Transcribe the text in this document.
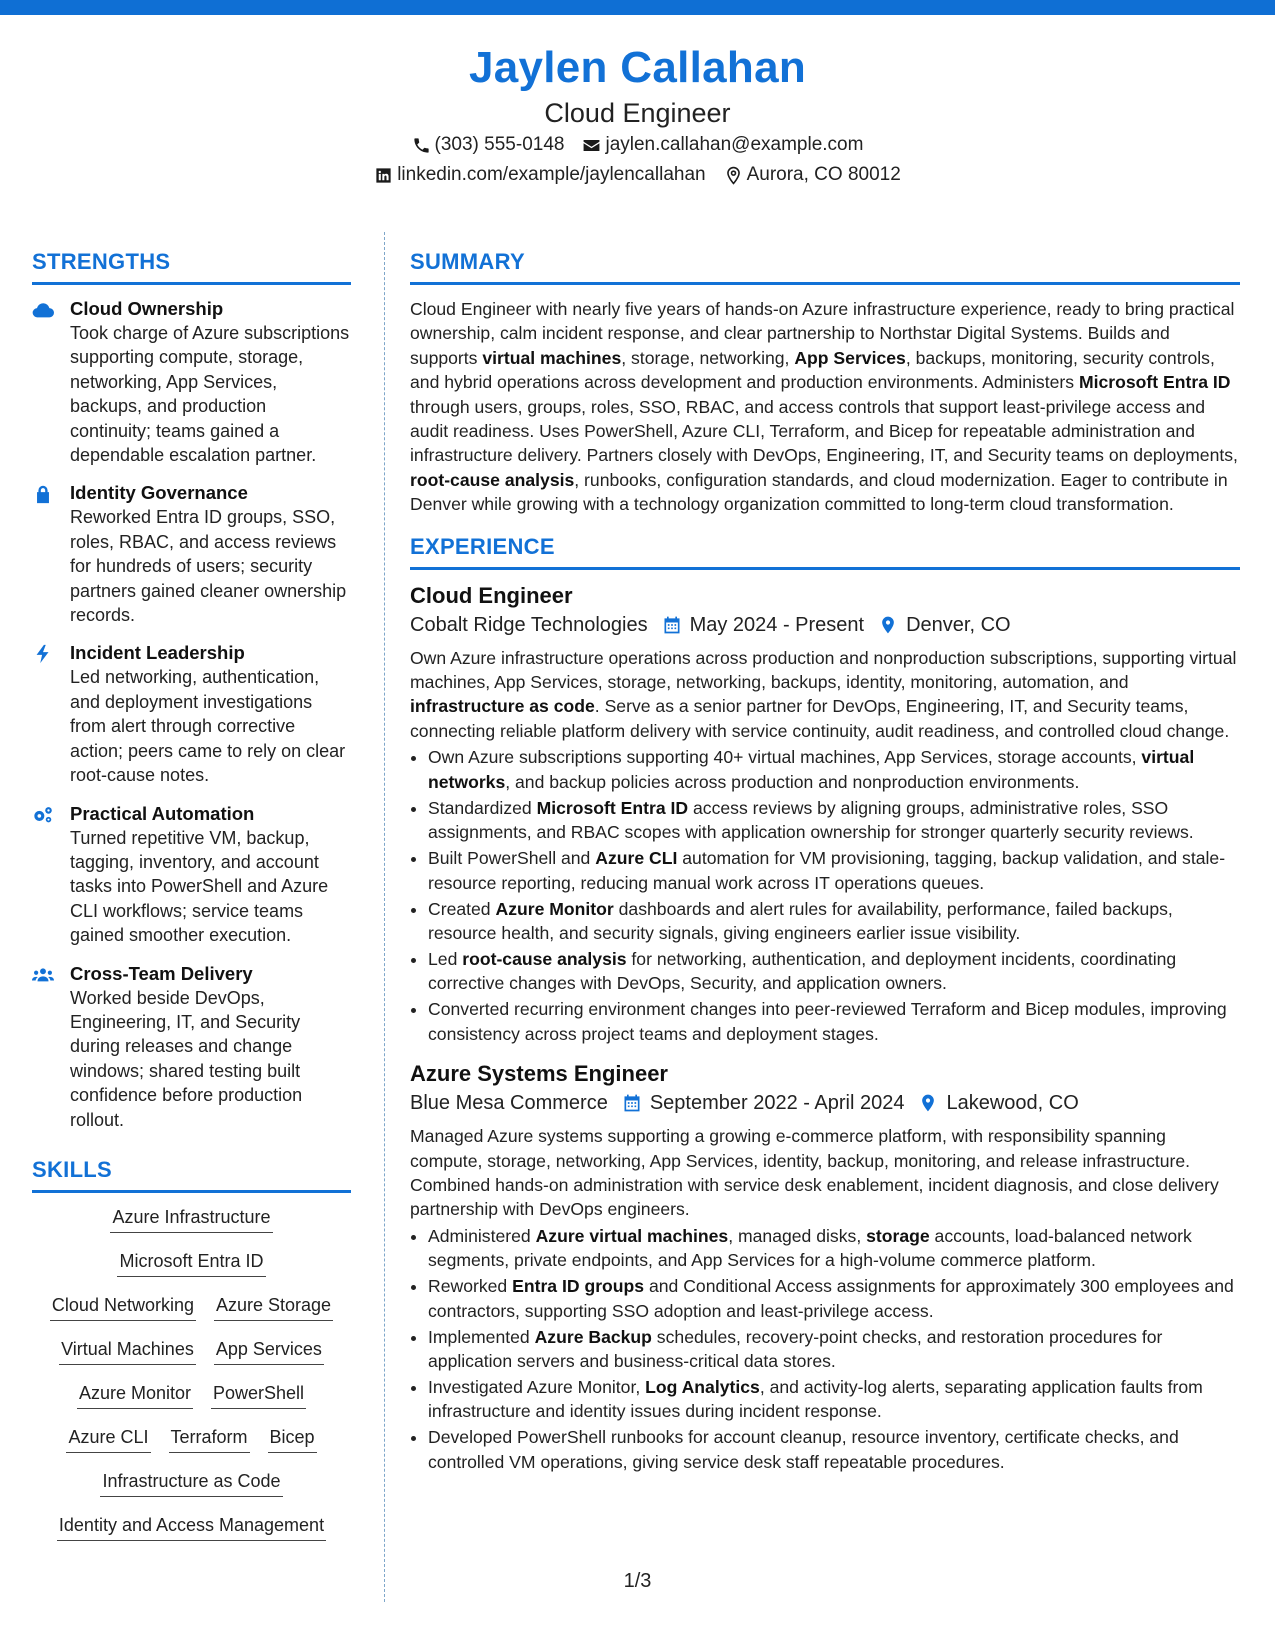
Jaylen Callahan
Cloud Engineer
(303) 555-0148 jaylen.callahan@example.com
linkedin.com/example/jaylencallahan Aurora, CO 80012
STRENGTHS
Cloud Ownership
Took charge of Azure subscriptions supporting compute, storage, networking, App Services, backups, and production continuity; teams gained a dependable escalation partner.
Identity Governance
Reworked Entra ID groups, SSO, roles, RBAC, and access reviews for hundreds of users; security partners gained cleaner ownership records.
Incident Leadership
Led networking, authentication, and deployment investigations from alert through corrective action; peers came to rely on clear root-cause notes.
Practical Automation
Turned repetitive VM, backup, tagging, inventory, and account tasks into PowerShell and Azure CLI workflows; service teams gained smoother execution.
Cross-Team Delivery
Worked beside DevOps, Engineering, IT, and Security during releases and change windows; shared testing built confidence before production rollout.
SKILLS
Azure Infrastructure
Microsoft Entra ID
Cloud Networking Azure Storage
Virtual Machines App Services
Azure Monitor PowerShell
Azure CLI Terraform Bicep
Infrastructure as Code
Identity and Access Management
SUMMARY
Cloud Engineer with nearly five years of hands-on Azure infrastructure experience, ready to bring practical ownership, calm incident response, and clear partnership to Northstar Digital Systems. Builds and supports virtual machines, storage, networking, App Services, backups, monitoring, security controls, and hybrid operations across development and production environments. Administers Microsoft Entra ID through users, groups, roles, SSO, RBAC, and access controls that support least-privilege access and audit readiness. Uses PowerShell, Azure CLI, Terraform, and Bicep for repeatable administration and infrastructure delivery. Partners closely with DevOps, Engineering, IT, and Security teams on deployments, root-cause analysis, runbooks, configuration standards, and cloud modernization. Eager to contribute in Denver while growing with a technology organization committed to long-term cloud transformation.
EXPERIENCE
Cloud Engineer
Cobalt Ridge Technologies May 2024 - Present Denver, CO
Own Azure infrastructure operations across production and nonproduction subscriptions, supporting virtual machines, App Services, storage, networking, backups, identity, monitoring, automation, and infrastructure as code. Serve as a senior partner for DevOps, Engineering, IT, and Security teams, connecting reliable platform delivery with service continuity, audit readiness, and controlled cloud change.
• Own Azure subscriptions supporting 40+ virtual machines, App Services, storage accounts, virtual networks, and backup policies across production and nonproduction environments.
• Standardized Microsoft Entra ID access reviews by aligning groups, administrative roles, SSO assignments, and RBAC scopes with application ownership for stronger quarterly security reviews.
• Built PowerShell and Azure CLI automation for VM provisioning, tagging, backup validation, and stale-resource reporting, reducing manual work across IT operations queues.
• Created Azure Monitor dashboards and alert rules for availability, performance, failed backups, resource health, and security signals, giving engineers earlier issue visibility.
• Led root-cause analysis for networking, authentication, and deployment incidents, coordinating corrective changes with DevOps, Security, and application owners.
• Converted recurring environment changes into peer-reviewed Terraform and Bicep modules, improving consistency across project teams and deployment stages.
Azure Systems Engineer
Blue Mesa Commerce September 2022 - April 2024 Lakewood, CO
Managed Azure systems supporting a growing e-commerce platform, with responsibility spanning compute, storage, networking, App Services, identity, backup, monitoring, and release infrastructure. Combined hands-on administration with service desk enablement, incident diagnosis, and close delivery partnership with DevOps engineers.
• Administered Azure virtual machines, managed disks, storage accounts, load-balanced network segments, private endpoints, and App Services for a high-volume commerce platform.
• Reworked Entra ID groups and Conditional Access assignments for approximately 300 employees and contractors, supporting SSO adoption and least-privilege access.
• Implemented Azure Backup schedules, recovery-point checks, and restoration procedures for application servers and business-critical data stores.
• Investigated Azure Monitor, Log Analytics, and activity-log alerts, separating application faults from infrastructure and identity issues during incident response.
• Developed PowerShell runbooks for account cleanup, resource inventory, certificate checks, and controlled VM operations, giving service desk staff repeatable procedures.
1/3
